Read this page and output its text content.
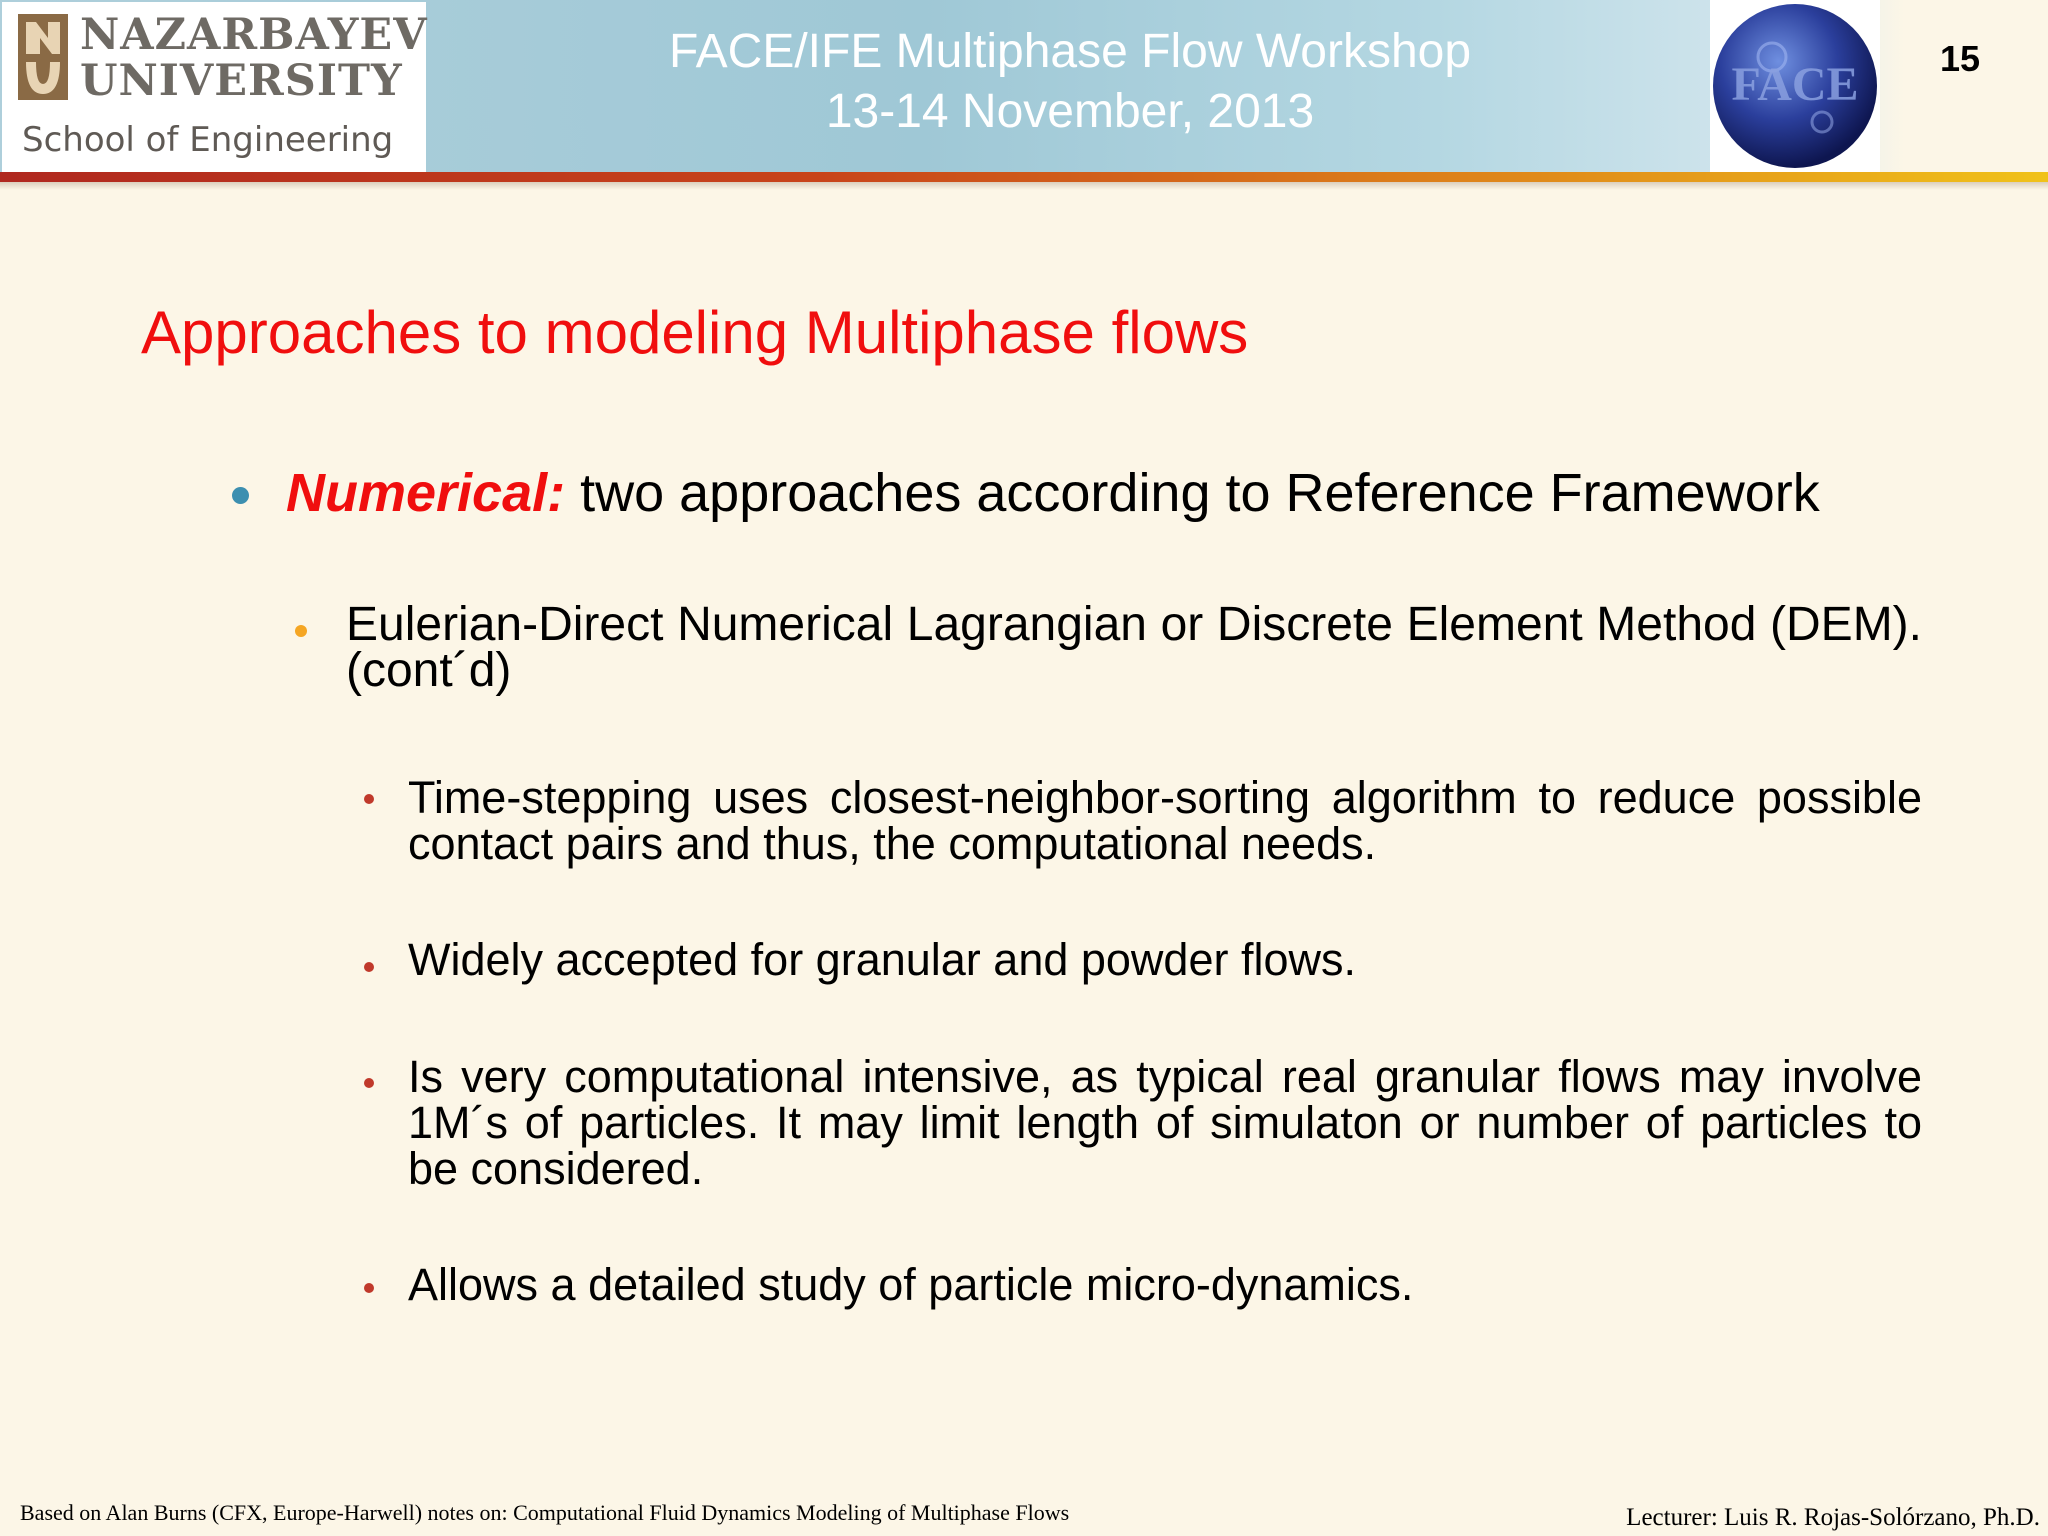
NAZARBAYEV
UNIVERSITY
School of Engineering
FACE/IFE Multiphase Flow Workshop
13-14 November, 2013
FACE 15
Approaches to modeling Multiphase flows
Numerical: two approaches according to Reference Framework
Eulerian-Direct Numerical Lagrangian or Discrete Element Method (DEM). (cont´d)
Time-stepping uses closest-neighbor-sorting algorithm to reduce possible contact pairs and thus, the computational needs.
Widely accepted for granular and powder flows.
Is very computational intensive, as typical real granular flows may involve 1M´s of particles. It may limit length of simulaton or number of particles to be considered.
Allows a detailed study of particle micro-dynamics.
Based on Alan Burns (CFX, Europe-Harwell) notes on: Computational Fluid Dynamics Modeling of Multiphase Flows	Lecturer: Luis R. Rojas-Solórzano, Ph.D.
